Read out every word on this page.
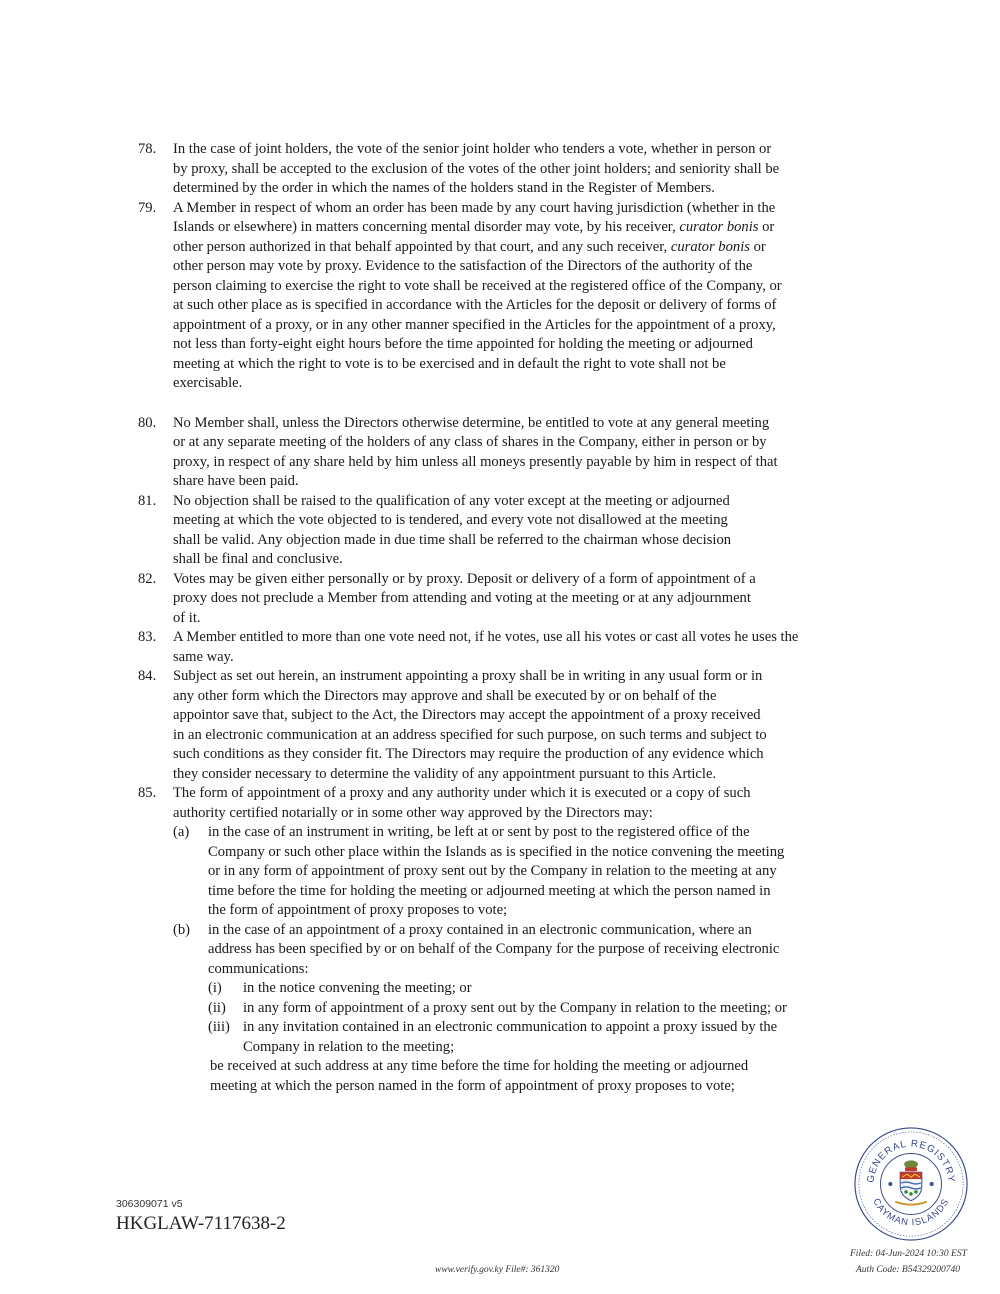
78. In the case of joint holders, the vote of the senior joint holder who tenders a vote, whether in person or
by proxy, shall be accepted to the exclusion of the votes of the other joint holders; and seniority shall be
determined by the order in which the names of the holders stand in the Register of Members.
79. A Member in respect of whom an order has been made by any court having jurisdiction (whether in the
Islands or elsewhere) in matters concerning mental disorder may vote, by his receiver, curator bonis or
other person authorized in that behalf appointed by that court, and any such receiver, curator bonis or
other person may vote by proxy. Evidence to the satisfaction of the Directors of the authority of the
person claiming to exercise the right to vote shall be received at the registered office of the Company, or
at such other place as is specified in accordance with the Articles for the deposit or delivery of forms of
appointment of a proxy, or in any other manner specified in the Articles for the appointment of a proxy,
not less than forty-eight eight hours before the time appointed for holding the meeting or adjourned
meeting at which the right to vote is to be exercised and in default the right to vote shall not be
exercisable.
80. No Member shall, unless the Directors otherwise determine, be entitled to vote at any general meeting
or at any separate meeting of the holders of any class of shares in the Company, either in person or by
proxy, in respect of any share held by him unless all moneys presently payable by him in respect of that
share have been paid.
81. No objection shall be raised to the qualification of any voter except at the meeting or adjourned
meeting at which the vote objected to is tendered, and every vote not disallowed at the meeting
shall be valid. Any objection made in due time shall be referred to the chairman whose decision
shall be final and conclusive.
82. Votes may be given either personally or by proxy. Deposit or delivery of a form of appointment of a
proxy does not preclude a Member from attending and voting at the meeting or at any adjournment
of it.
83. A Member entitled to more than one vote need not, if he votes, use all his votes or cast all votes he uses the
same way.
84. Subject as set out herein, an instrument appointing a proxy shall be in writing in any usual form or in
any other form which the Directors may approve and shall be executed by or on behalf of the
appointor save that, subject to the Act, the Directors may accept the appointment of a proxy received
in an electronic communication at an address specified for such purpose, on such terms and subject to
such conditions as they consider fit. The Directors may require the production of any evidence which
they consider necessary to determine the validity of any appointment pursuant to this Article.
85. The form of appointment of a proxy and any authority under which it is executed or a copy of such
authority certified notarially or in some other way approved by the Directors may:
(a) in the case of an instrument in writing, be left at or sent by post to the registered office of the
Company or such other place within the Islands as is specified in the notice convening the meeting
or in any form of appointment of proxy sent out by the Company in relation to the meeting at any
time before the time for holding the meeting or adjourned meeting at which the person named in
the form of appointment of proxy proposes to vote;
(b) in the case of an appointment of a proxy contained in an electronic communication, where an
address has been specified by or on behalf of the Company for the purpose of receiving electronic
communications:
(i) in the notice convening the meeting; or
(ii) in any form of appointment of a proxy sent out by the Company in relation to the meeting; or
(iii) in any invitation contained in an electronic communication to appoint a proxy issued by the
Company in relation to the meeting;
be received at such address at any time before the time for holding the meeting or adjourned
meeting at which the person named in the form of appointment of proxy proposes to vote;
306309071 v5
HKGLAW-7117638-2
www.verify.gov.ky File#: 361320
Filed: 04-Jun-2024 10:30 EST
Auth Code: B54329200740
GENERAL REGISTRY
CAYMAN ISLANDS
